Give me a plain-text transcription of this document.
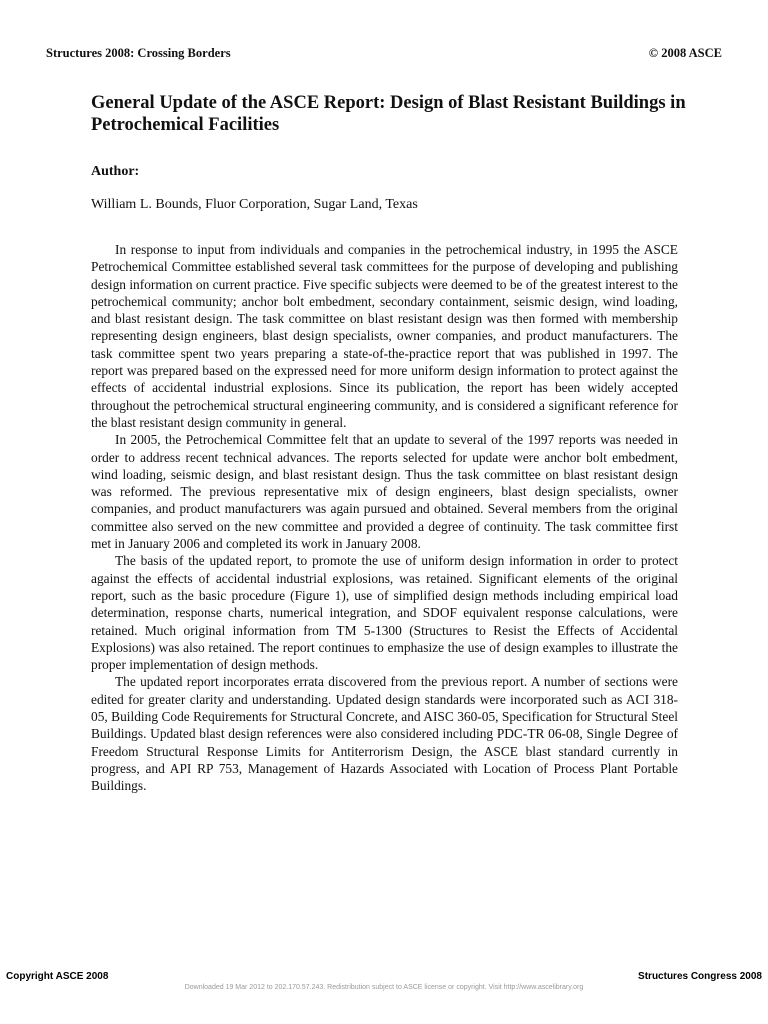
Structures 2008: Crossing Borders	© 2008 ASCE
General Update of the ASCE Report: Design of Blast Resistant Buildings in Petrochemical Facilities
Author:

William L. Bounds, Fluor Corporation, Sugar Land, Texas

In response to input from individuals and companies in the petrochemical industry, in 1995 the ASCE Petrochemical Committee established several task committees for the purpose of developing and publishing design information on current practice. Five specific subjects were deemed to be of the greatest interest to the petrochemical community; anchor bolt embedment, secondary containment, seismic design, wind loading, and blast resistant design. The task committee on blast resistant design was then formed with membership representing design engineers, blast design specialists, owner companies, and product manufacturers. The task committee spent two years preparing a state-of-the-practice report that was published in 1997. The report was prepared based on the expressed need for more uniform design information to protect against the effects of accidental industrial explosions. Since its publication, the report has been widely accepted throughout the petrochemical structural engineering community, and is considered a significant reference for the blast resistant design community in general.

In 2005, the Petrochemical Committee felt that an update to several of the 1997 reports was needed in order to address recent technical advances. The reports selected for update were anchor bolt embedment, wind loading, seismic design, and blast resistant design. Thus the task committee on blast resistant design was reformed. The previous representative mix of design engineers, blast design specialists, owner companies, and product manufacturers was again pursued and obtained. Several members from the original committee also served on the new committee and provided a degree of continuity. The task committee first met in January 2006 and completed its work in January 2008.

The basis of the updated report, to promote the use of uniform design information in order to protect against the effects of accidental industrial explosions, was retained. Significant elements of the original report, such as the basic procedure (Figure 1), use of simplified design methods including empirical load determination, response charts, numerical integration, and SDOF equivalent response calculations, were retained. Much original information from TM 5-1300 (Structures to Resist the Effects of Accidental Explosions) was also retained. The report continues to emphasize the use of design examples to illustrate the proper implementation of design methods.

The updated report incorporates errata discovered from the previous report. A number of sections were edited for greater clarity and understanding. Updated design standards were incorporated such as ACI 318-05, Building Code Requirements for Structural Concrete, and AISC 360-05, Specification for Structural Steel Buildings. Updated blast design references were also considered including PDC-TR 06-08, Single Degree of Freedom Structural Response Limits for Antiterrorism Design, the ASCE blast standard currently in progress, and API RP 753, Management of Hazards Associated with Location of Process Plant Portable Buildings.

Copyright ASCE 2008	Structures Congress 2008
Downloaded 19 Mar 2012 to 202.170.57.243. Redistribution subject to ASCE license or copyright. Visit http://www.ascelibrary.org
